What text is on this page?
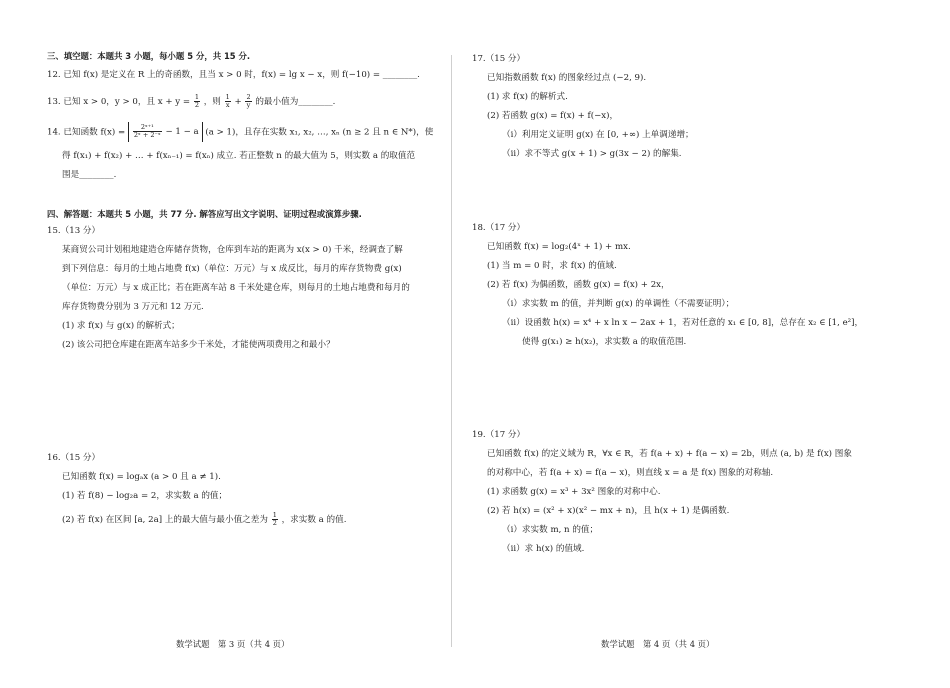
三、填空题：本题共 3 小题，每小题 5 分，共 15 分.
12. 已知 f(x) 是定义在 R 上的奇函数，且当 x > 0 时，f(x) = lg x − x，则 f(−10) = ________.
13. 已知 x > 0，y > 0，且 $x + y = \frac{1}{2}$ ，则 $\frac{1}{x} + \frac{2}{y}$ 的最小值为________.
14. 已知函数 $f(x) = \frac{\text{2ˣ⁺¹}}{\text{2ˣ + 2⁻ˣ}} - 1 - a$ (a > 1)，且存在实数 x₁, x₂, …, xₙ (n ≥ 2 且 n ∈ N*)，使
得 f(x₁) + f(x₂) + … + f(xₙ₋₁) = f(xₙ) 成立. 若正整数 n 的最大值为 5，则实数 a 的取值范
围是________.
四、解答题：本题共 5 小题，共 77 分. 解答应写出文字说明、证明过程或演算步骤.
15.（13 分）
某商贸公司计划租地建造仓库储存货物，仓库到车站的距离为 x(x > 0) 千米，经调查了解
到下列信息：每月的土地占地费 f(x)（单位：万元）与 x 成反比，每月的库存货物费 g(x)
（单位：万元）与 x 成正比；若在距离车站 8 千米处建仓库，则每月的土地占地费和每月的
库存货物费分别为 3 万元和 12 万元.
(1) 求 f(x) 与 g(x) 的解析式；
(2) 该公司把仓库建在距离车站多少千米处，才能使两项费用之和最小？
16.（15 分）
已知函数 f(x) = logₐx (a > 0 且 a ≠ 1).
(1) 若 f(8) − log₂a = 2，求实数 a 的值；
(2) 若 f(x) 在区间 [a, 2a] 上的最大值与最小值之差为 $\frac{1}{2}$ ，求实数 a 的值.
数学试题　第 3 页（共 4 页）
17.（15 分）
已知指数函数 f(x) 的图象经过点 (−2, 9).
(1) 求 f(x) 的解析式.
(2) 若函数 g(x) = f(x) + f(−x)，
（ⅰ）利用定义证明 g(x) 在 [0, +∞) 上单调递增；
（ⅱ）求不等式 g(x + 1) > g(3x − 2) 的解集.
18.（17 分）
已知函数 f(x) = log₂(4ˣ + 1) + mx.
(1) 当 m = 0 时，求 f(x) 的值域.
(2) 若 f(x) 为偶函数，函数 g(x) = f(x) + 2x，
（ⅰ）求实数 m 的值，并判断 g(x) 的单调性（不需要证明）；
（ⅱ）设函数 h(x) = x⁴ + x ln x − 2ax + 1，若对任意的 x₁ ∈ [0, 8]，总存在 x₂ ∈ [1, e²]，
使得 g(x₁) ≥ h(x₂)，求实数 a 的取值范围.
19.（17 分）
已知函数 f(x) 的定义域为 R，∀x ∈ R，若 f(a + x) + f(a − x) = 2b，则点 (a, b) 是 f(x) 图象
的对称中心，若 f(a + x) = f(a − x)，则直线 x = a 是 f(x) 图象的对称轴.
(1) 求函数 g(x) = x³ + 3x² 图象的对称中心.
(2) 若 h(x) = (x² + x)(x² − mx + n)，且 h(x + 1) 是偶函数.
（ⅰ）求实数 m, n 的值；
（ⅱ）求 h(x) 的值域.
数学试题　第 4 页（共 4 页）
